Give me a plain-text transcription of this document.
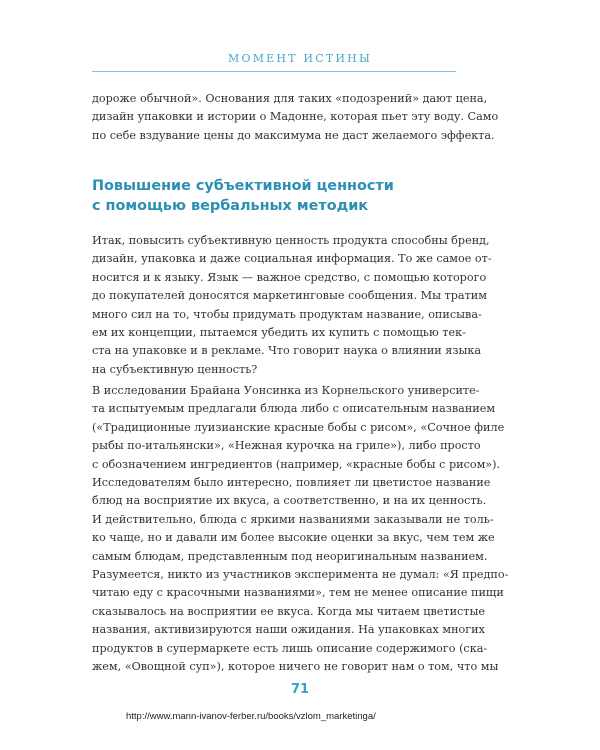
МОМЕНТ ИСТИНЫ

дороже обычной». Основания для таких «подозрений» дают цена,
дизайн упаковки и истории о Мадонне, которая пьет эту воду. Само
по себе вздувание цены до максимума не даст желаемого эффекта.

Повышение субъективной ценности
с помощью вербальных методик

Итак, повысить субъективную ценность продукта способны бренд,
дизайн, упаковка и даже социальная информация. То же самое от-
носится и к языку. Язык — важное средство, с помощью которого
до покупателей доносятся маркетинговые сообщения. Мы тратим
много сил на то, чтобы придумать продуктам название, описыва-
ем их концепции, пытаемся убедить их купить с помощью тек-
ста на упаковке и в рекламе. Что говорит наука о влиянии языка
на субъективную ценность?

В исследовании Брайана Уонсинка из Корнельского университе-
та испытуемым предлагали блюда либо с описательным названием
(«Традиционные луизианские красные бобы с рисом», «Сочное филе
рыбы по-итальянски», «Нежная курочка на гриле»), либо просто
с обозначением ингредиентов (например, «красные бобы с рисом»).
Исследователям было интересно, повлияет ли цветистое название
блюд на восприятие их вкуса, а соответственно, и на их ценность.
И действительно, блюда с яркими названиями заказывали не толь-
ко чаще, но и давали им более высокие оценки за вкус, чем тем же
самым блюдам, представленным под неоригинальным названием.
Разумеется, никто из участников эксперимента не думал: «Я предпо-
читаю еду с красочными названиями», тем не менее описание пищи
сказывалось на восприятии ее вкуса. Когда мы читаем цветистые
названия, активизируются наши ожидания. На упаковках многих
продуктов в супермаркете есть лишь описание содержимого (ска-
жем, «Овощной суп»), которое ничего не говорит нам о том, что мы

71
http://www.mann-ivanov-ferber.ru/books/vzlom_marketinga/
